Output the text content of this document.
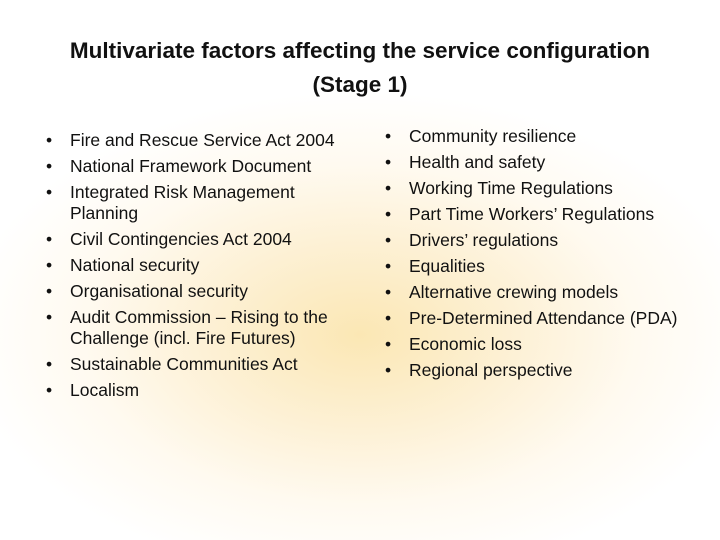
Multivariate factors affecting the service configuration
(Stage 1)
•	Fire and Rescue Service Act 2004
•	National Framework Document
•	Integrated Risk Management Planning
•	Civil Contingencies Act 2004
•	National security
•	Organisational security
•	Audit Commission – Rising to the Challenge (incl. Fire Futures)
•	Sustainable Communities Act
•	Localism
•	Community resilience
•	Health and safety
•	Working Time Regulations
•	Part Time Workers’ Regulations
•	Drivers’ regulations
•	Equalities
•	Alternative crewing models
•	Pre-Determined Attendance (PDA)
•	Economic loss
•	Regional perspective
